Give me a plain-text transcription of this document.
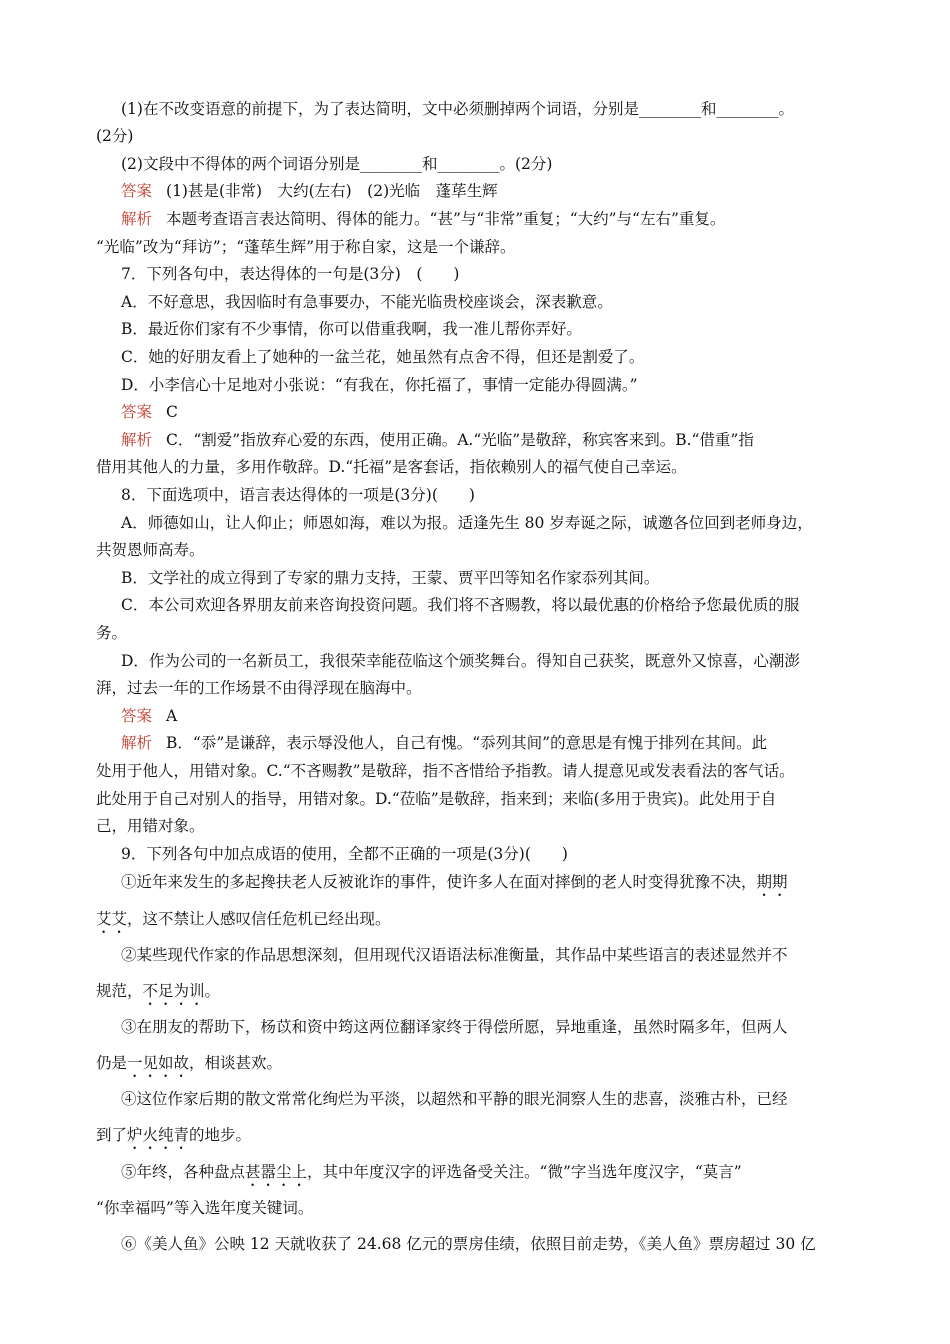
(1)在不改变语意的前提下，为了表达简明，文中必须删掉两个词语，分别是________和________。
(2分)
(2)文段中不得体的两个词语分别是________和________。(2分)
答案 (1)甚是(非常)　大约(左右)　(2)光临　蓬荜生辉
解析 本题考查语言表达简明、得体的能力。“甚”与“非常”重复；“大约”与“左右”重复。
“光临”改为“拜访”；“蓬荜生辉”用于称自家，这是一个谦辞。
7．下列各句中，表达得体的一句是(3分)　(　　)
A．不好意思，我因临时有急事要办，不能光临贵校座谈会，深表歉意。
B．最近你们家有不少事情，你可以借重我啊，我一准儿帮你弄好。
C．她的好朋友看上了她种的一盆兰花，她虽然有点舍不得，但还是割爱了。
D．小李信心十足地对小张说：“有我在，你托福了，事情一定能办得圆满。”
答案 C
解析 C．“割爱”指放弃心爱的东西，使用正确。A.“光临”是敬辞，称宾客来到。B.“借重”指
借用其他人的力量，多用作敬辞。D.“托福”是客套话，指依赖别人的福气使自己幸运。
8．下面选项中，语言表达得体的一项是(3分)(　　)
A．师德如山，让人仰止；师恩如海，难以为报。适逢先生 80 岁寿诞之际，诚邀各位回到老师身边，
共贺恩师高寿。
B．文学社的成立得到了专家的鼎力支持，王蒙、贾平凹等知名作家忝列其间。
C．本公司欢迎各界朋友前来咨询投资问题。我们将不吝赐教，将以最优惠的价格给予您最优质的服
务。
D．作为公司的一名新员工，我很荣幸能莅临这个颁奖舞台。得知自己获奖，既意外又惊喜，心潮澎
湃，过去一年的工作场景不由得浮现在脑海中。
答案 A
解析 B．“忝”是谦辞，表示辱没他人，自己有愧。“忝列其间”的意思是有愧于排列在其间。此
处用于他人，用错对象。C.“不吝赐教”是敬辞，指不吝惜给予指教。请人提意见或发表看法的客气话。
此处用于自己对别人的指导，用错对象。D.“莅临”是敬辞，指来到；来临(多用于贵宾)。此处用于自
己，用错对象。
9．下列各句中加点成语的使用，全都不正确的一项是(3分)(　　)
①近年来发生的多起搀扶老人反被讹诈的事件，使许多人在面对摔倒的老人时变得犹豫不决，期期
艾艾，这不禁让人感叹信任危机已经出现。
②某些现代作家的作品思想深刻，但用现代汉语语法标准衡量，其作品中某些语言的表述显然并不
规范，不足为训。
③在朋友的帮助下，杨苡和资中筠这两位翻译家终于得偿所愿，异地重逢，虽然时隔多年，但两人
仍是一见如故，相谈甚欢。
④这位作家后期的散文常常化绚烂为平淡，以超然和平静的眼光洞察人生的悲喜，淡雅古朴，已经
到了炉火纯青的地步。
⑤年终，各种盘点甚嚣尘上，其中年度汉字的评选备受关注。“微”字当选年度汉字，“莫言”
“你幸福吗”等入选年度关键词。
⑥《美人鱼》公映 12 天就收获了 24.68 亿元的票房佳绩，依照目前走势，《美人鱼》票房超过 30 亿
